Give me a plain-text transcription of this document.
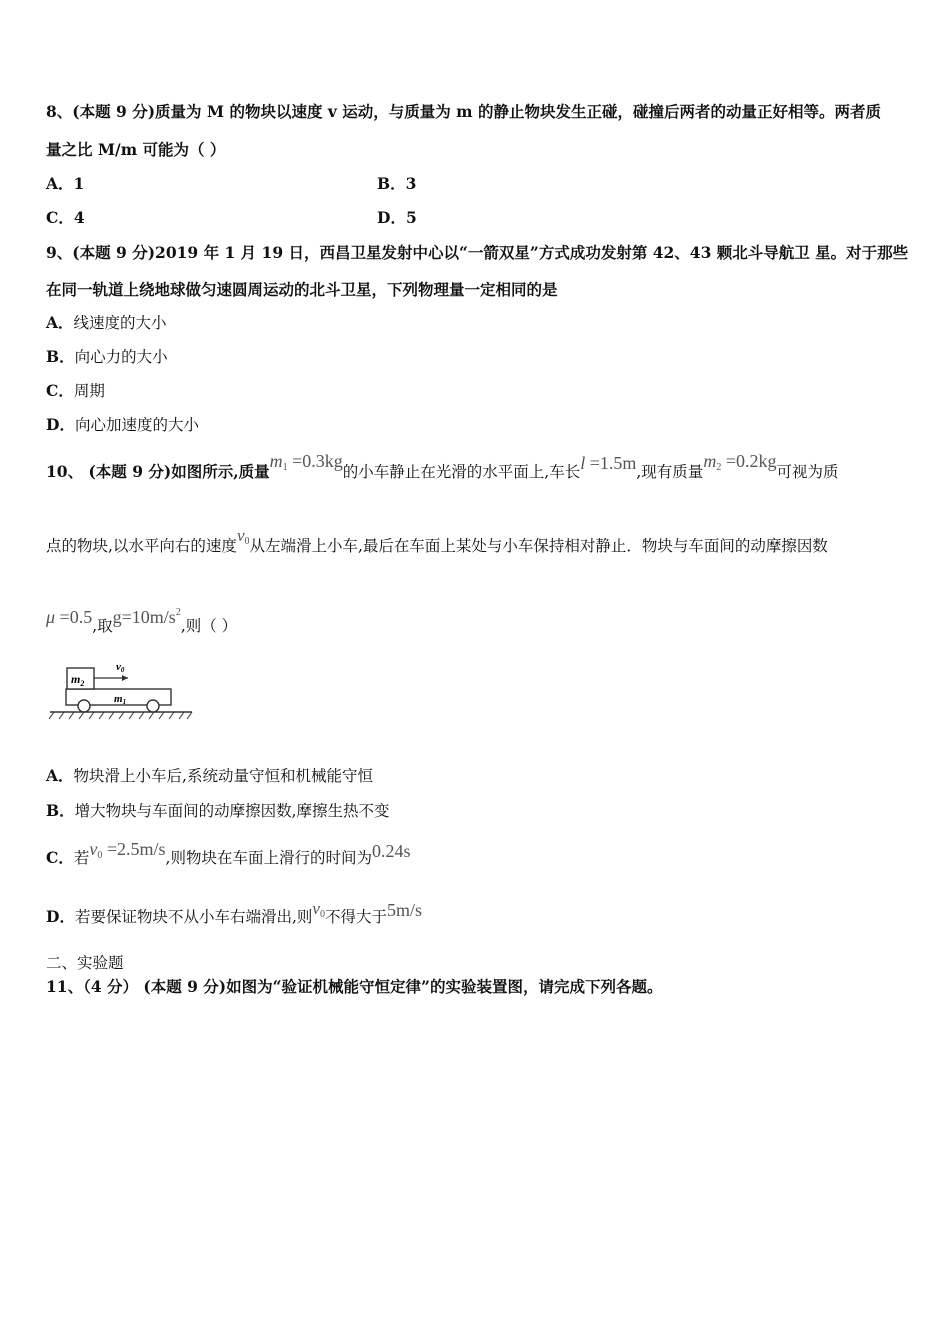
8、(本题 9 分)质量为 M 的物块以速度 v 运动，与质量为 m 的静止物块发生正碰，碰撞后两者的动量正好相等。两者质
量之比 M/m 可能为（ ）
A．1	B．3
C．4	D．5
9、(本题 9 分)2019 年 1 月 19 日，西昌卫星发射中心以“一箭双星”方式成功发射第 42、43 颗北斗导航卫 星。对于那些
在同一轨道上绕地球做匀速圆周运动的北斗卫星，下列物理量一定相同的是
A．线速度的大小
B．向心力的大小
C．周期
D．向心加速度的大小
10、 (本题 9 分)如图所示,质量$m_1 =0.3kg$的小车静止在光滑的水平面上,车长l =1.5m,现有质量$m_2 =0.2kg$可视为质
点的物块,以水平向右的速度$v_0$从左端滑上小车,最后在车面上某处与小车保持相对静止．物块与车面间的动摩擦因数
μ =0.5,取$g=10m/s^2$,则（ ）
$m_2$
v0
m1
A．物块滑上小车后,系统动量守恒和机械能守恒
B．增大物块与车面间的动摩擦因数,摩擦生热不变
C．若$v_0 =2.5m/s$,则物块在车面上滑行的时间为0.24s
D．若要保证物块不从小车右端滑出,则$v_0$不得大于5m/s
二、实验题
11、（4 分） (本题 9 分)如图为“验证机械能守恒定律”的实验装置图，请完成下列各题。
